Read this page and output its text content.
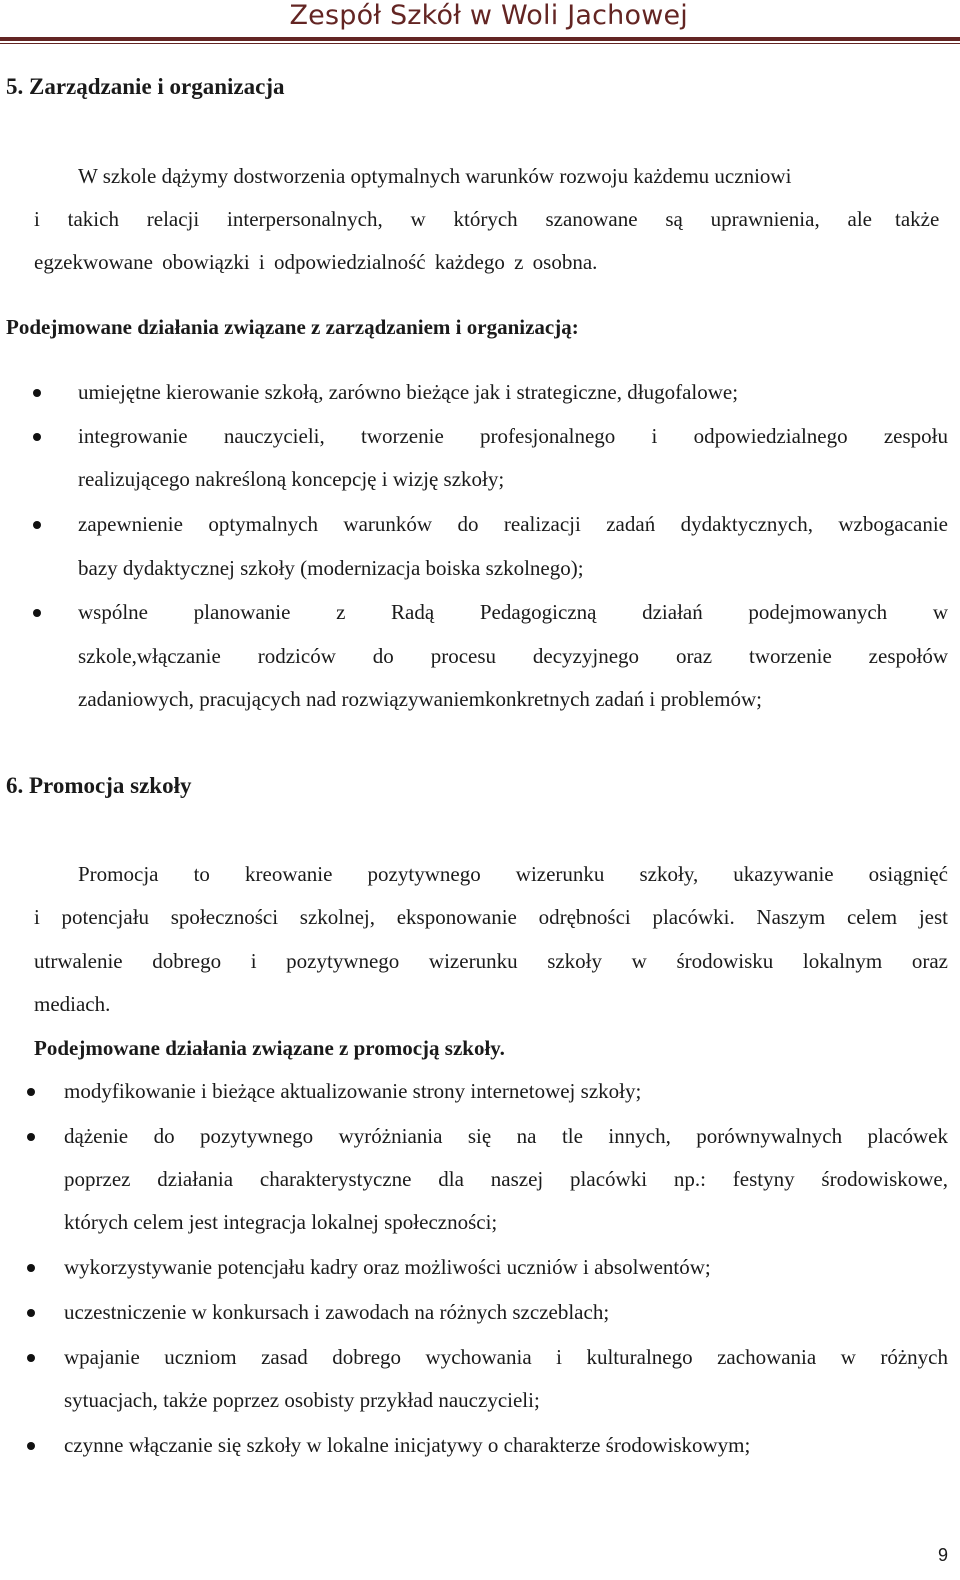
Zespół Szkół w Woli Jachowej
5. Zarządzanie i organizacja
W szkole dążymy dostworzenia optymalnych warunków rozwoju każdemu uczniowi
i takich relacji interpersonalnych, w których szanowane są uprawnienia, ale także
egzekwowane obowiązki i odpowiedzialność każdego z osobna.
Podejmowane działania związane z zarządzaniem i organizacją:
umiejętne kierowanie szkołą, zarówno bieżące jak i strategiczne, długofalowe;
integrowanie nauczycieli, tworzenie profesjonalnego i odpowiedzialnego zespołu
realizującego nakreśloną koncepcję i wizję szkoły;
zapewnienie optymalnych warunków do realizacji zadań dydaktycznych, wzbogacanie
bazy dydaktycznej szkoły (modernizacja boiska szkolnego);
wspólne planowanie z Radą Pedagogiczną działań podejmowanych w
szkole,włączanie rodziców do procesu decyzyjnego oraz tworzenie zespołów
zadaniowych, pracujących nad rozwiązywaniemkonkretnych zadań i problemów;
6. Promocja szkoły
Promocja to kreowanie pozytywnego wizerunku szkoły, ukazywanie osiągnięć
i potencjału społeczności szkolnej, eksponowanie odrębności placówki. Naszym celem jest
utrwalenie dobrego i pozytywnego wizerunku szkoły w środowisku lokalnym oraz
mediach.
Podejmowane działania związane z promocją szkoły.
modyfikowanie i bieżące aktualizowanie strony internetowej szkoły;
dążenie do pozytywnego wyróżniania się na tle innych, porównywalnych placówek
poprzez działania charakterystyczne dla naszej placówki np.: festyny środowiskowe,
których celem jest integracja lokalnej społeczności;
wykorzystywanie potencjału kadry oraz możliwości uczniów i absolwentów;
uczestniczenie w konkursach i zawodach na różnych szczeblach;
wpajanie uczniom zasad dobrego wychowania i kulturalnego zachowania w różnych
sytuacjach, także poprzez osobisty przykład nauczycieli;
czynne włączanie się szkoły w lokalne inicjatywy o charakterze środowiskowym;
9
